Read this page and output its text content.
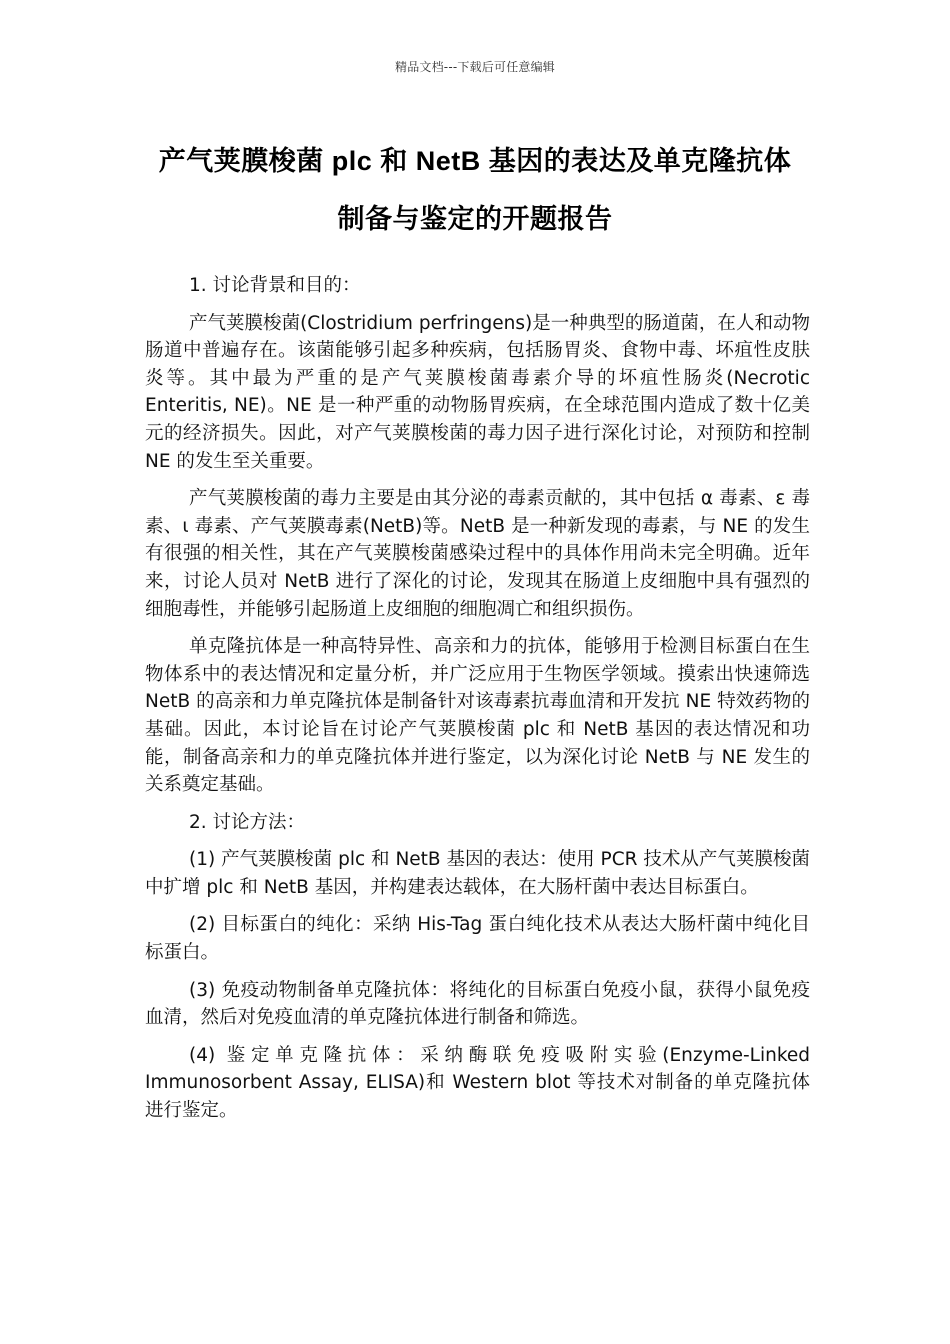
精品文档---下载后可任意编辑
产气荚膜梭菌 plc 和 NetB 基因的表达及单克隆抗体
制备与鉴定的开题报告

1. 讨论背景和目的：

产气荚膜梭菌(Clostridium perfringens)是一种典型的肠道菌，在人和动物肠道中普遍存在。该菌能够引起多种疾病，包括肠胃炎、食物中毒、坏疽性皮肤炎等。其中最为严重的是产气荚膜梭菌毒素介导的坏疽性肠炎(Necrotic Enteritis, NE)。NE 是一种严重的动物肠胃疾病，在全球范围内造成了数十亿美元的经济损失。因此，对产气荚膜梭菌的毒力因子进行深化讨论，对预防和控制 NE 的发生至关重要。

产气荚膜梭菌的毒力主要是由其分泌的毒素贡献的，其中包括 α 毒素、ε 毒素、ι 毒素、产气荚膜毒素(NetB)等。NetB 是一种新发现的毒素，与 NE 的发生有很强的相关性，其在产气荚膜梭菌感染过程中的具体作用尚未完全明确。近年来，讨论人员对 NetB 进行了深化的讨论，发现其在肠道上皮细胞中具有强烈的细胞毒性，并能够引起肠道上皮细胞的细胞凋亡和组织损伤。

单克隆抗体是一种高特异性、高亲和力的抗体，能够用于检测目标蛋白在生物体系中的表达情况和定量分析，并广泛应用于生物医学领域。摸索出快速筛选 NetB 的高亲和力单克隆抗体是制备针对该毒素抗毒血清和开发抗 NE 特效药物的基础。因此，本讨论旨在讨论产气荚膜梭菌 plc 和 NetB 基因的表达情况和功能，制备高亲和力的单克隆抗体并进行鉴定，以为深化讨论 NetB 与 NE 发生的关系奠定基础。

2. 讨论方法：

(1) 产气荚膜梭菌 plc 和 NetB 基因的表达：使用 PCR 技术从产气荚膜梭菌中扩增 plc 和 NetB 基因，并构建表达载体，在大肠杆菌中表达目标蛋白。

(2) 目标蛋白的纯化：采纳 His-Tag 蛋白纯化技术从表达大肠杆菌中纯化目标蛋白。

(3) 免疫动物制备单克隆抗体：将纯化的目标蛋白免疫小鼠，获得小鼠免疫血清，然后对免疫血清的单克隆抗体进行制备和筛选。

(4) 鉴定单克隆抗体：采纳酶联免疫吸附实验(Enzyme-Linked Immunosorbent Assay, ELISA)和 Western blot 等技术对制备的单克隆抗体进行鉴定。
